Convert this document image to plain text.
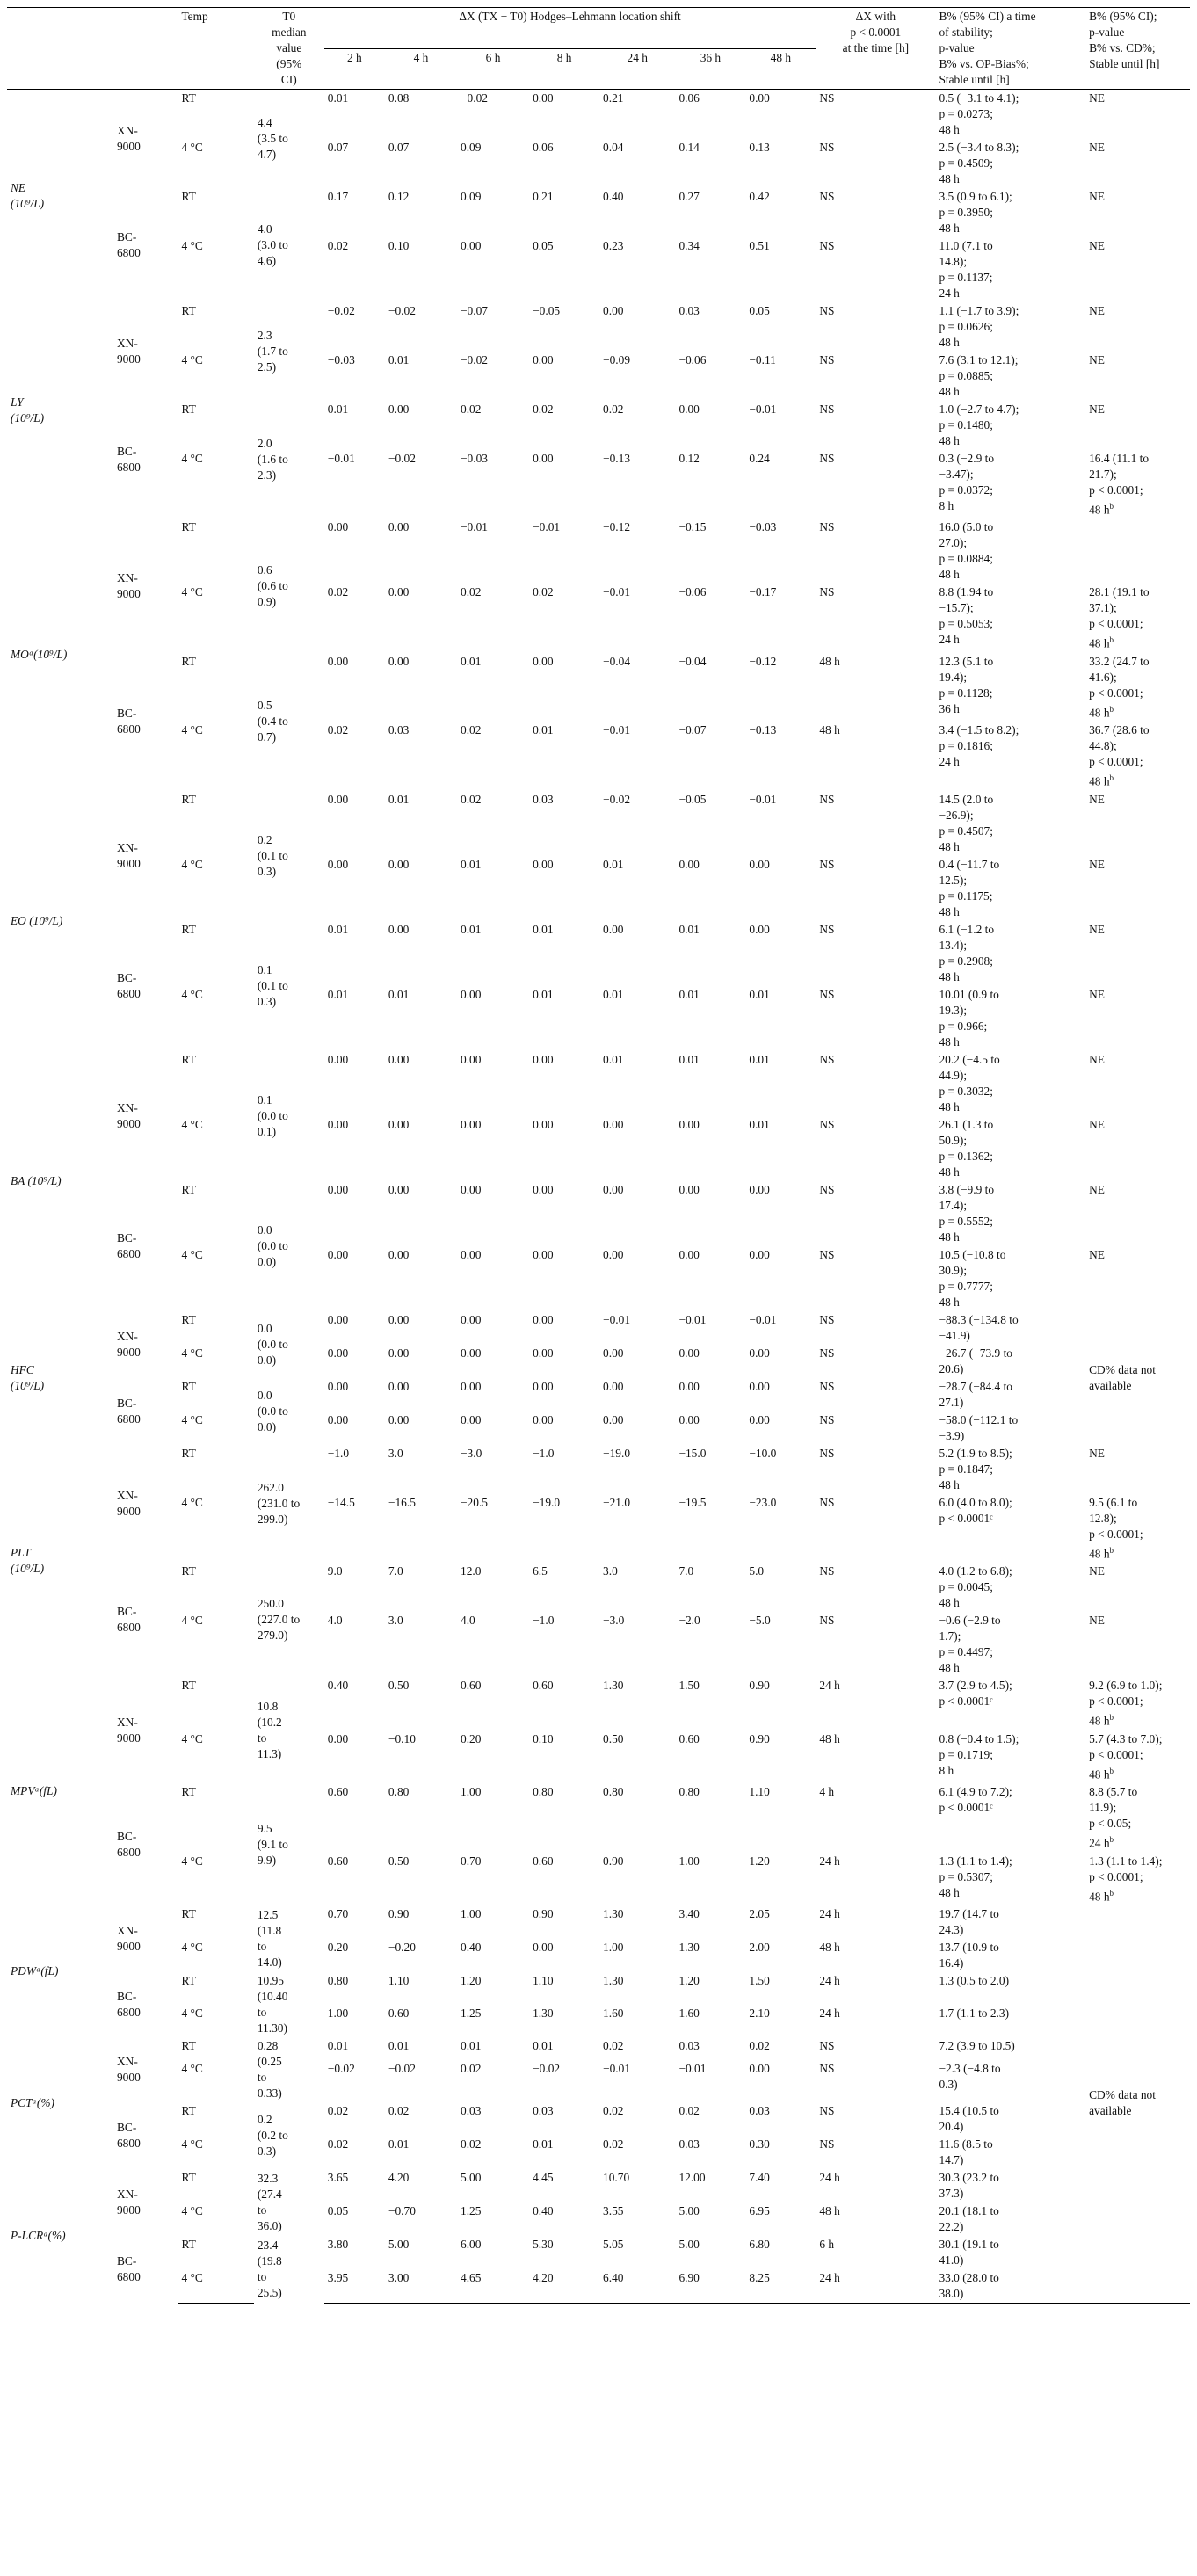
		Temp	T0
median
value
(95%
CI)	ΔX (TX − T0) Hodges–Lehmann location shift							ΔX with
p < 0.0001
at the time [h]	B% (95% CI) a time
of stability;
p-value
B% vs. OP-Bias%;
Stable until [h]	B% (95% CI);
p-value
B% vs. CD%;
Stable until [h]
				2 h	4 h	6 h	8 h	24 h	36 h	48 h			
NE
(10⁹/L)	XN-
9000	RT	4.4
(3.5 to
4.7)	0.01	0.08	−0.02	0.00	0.21	0.06	0.00	NS	0.5 (−3.1 to 4.1);
p = 0.0273;
48 h	NE
		4 °C		0.07	0.07	0.09	0.06	0.04	0.14	0.13	NS	2.5 (−3.4 to 8.3);
p = 0.4509;
48 h	NE
	BC-
6800	RT	4.0
(3.0 to
4.6)	0.17	0.12	0.09	0.21	0.40	0.27	0.42	NS	3.5 (0.9 to 6.1);
p = 0.3950;
48 h	NE
		4 °C		0.02	0.10	0.00	0.05	0.23	0.34	0.51	NS	11.0 (7.1 to
14.8);
p = 0.1137;
24 h	NE
LY
(10⁹/L)	XN-
9000	RT	2.3
(1.7 to
2.5)	−0.02	−0.02	−0.07	−0.05	0.00	0.03	0.05	NS	1.1 (−1.7 to 3.9);
p = 0.0626;
48 h	NE
		4 °C		−0.03	0.01	−0.02	0.00	−0.09	−0.06	−0.11	NS	7.6 (3.1 to 12.1);
p = 0.0885;
48 h	NE
	BC-
6800	RT	2.0
(1.6 to
2.3)	0.01	0.00	0.02	0.02	0.02	0.00	−0.01	NS	1.0 (−2.7 to 4.7);
p = 0.1480;
48 h	NE
		4 °C		−0.01	−0.02	−0.03	0.00	−0.13	0.12	0.24	NS	0.3 (−2.9 to
−3.47);
p = 0.0372;
8 h	16.4 (11.1 to
21.7);
p < 0.0001;
48 $h^b$
MOᵃ(10⁹/L)	XN-
9000	RT	0.6
(0.6 to
0.9)	0.00	0.00	−0.01	−0.01	−0.12	−0.15	−0.03	NS	16.0 (5.0 to
27.0);
p = 0.0884;
48 h	
		4 °C		0.02	0.00	0.02	0.02	−0.01	−0.06	−0.17	NS	8.8 (1.94 to
−15.7);
p = 0.5053;
24 h	28.1 (19.1 to
37.1);
p < 0.0001;
48 $h^b$
	BC-
6800	RT	0.5
(0.4 to
0.7)	0.00	0.00	0.01	0.00	−0.04	−0.04	−0.12	48 h	12.3 (5.1 to
19.4);
p = 0.1128;
36 h	33.2 (24.7 to
41.6);
p < 0.0001;
48 $h^b$
		4 °C		0.02	0.03	0.02	0.01	−0.01	−0.07	−0.13	48 h	3.4 (−1.5 to 8.2);
p = 0.1816;
24 h	36.7 (28.6 to
44.8);
p < 0.0001;
48 $h^b$
EO (10⁹/L)	XN-
9000	RT	0.2
(0.1 to
0.3)	0.00	0.01	0.02	0.03	−0.02	−0.05	−0.01	NS	14.5 (2.0 to
−26.9);
p = 0.4507;
48 h	NE
		4 °C		0.00	0.00	0.01	0.00	0.01	0.00	0.00	NS	0.4 (−11.7 to
12.5);
p = 0.1175;
48 h	NE
	BC-
6800	RT	0.1
(0.1 to
0.3)	0.01	0.00	0.01	0.01	0.00	0.01	0.00	NS	6.1 (−1.2 to
13.4);
p = 0.2908;
48 h	NE
		4 °C		0.01	0.01	0.00	0.01	0.01	0.01	0.01	NS	10.01 (0.9 to
19.3);
p = 0.966;
48 h	NE
BA (10⁹/L)	XN-
9000	RT	0.1
(0.0 to
0.1)	0.00	0.00	0.00	0.00	0.01	0.01	0.01	NS	20.2 (−4.5 to
44.9);
p = 0.3032;
48 h	NE
		4 °C		0.00	0.00	0.00	0.00	0.00	0.00	0.01	NS	26.1 (1.3 to
50.9);
p = 0.1362;
48 h	NE
	BC-
6800	RT	0.0
(0.0 to
0.0)	0.00	0.00	0.00	0.00	0.00	0.00	0.00	NS	3.8 (−9.9 to
17.4);
p = 0.5552;
48 h	NE
		4 °C		0.00	0.00	0.00	0.00	0.00	0.00	0.00	NS	10.5 (−10.8 to
30.9);
p = 0.7777;
48 h	NE
HFC
(10⁹/L)	XN-
9000	RT	0.0
(0.0 to
0.0)	0.00	0.00	0.00	0.00	−0.01	−0.01	−0.01	NS	−88.3 (−134.8 to
−41.9)	CD% data not
available
		4 °C		0.00	0.00	0.00	0.00	0.00	0.00	0.00	NS	−26.7 (−73.9 to
20.6)	
	BC-
6800	RT	0.0
(0.0 to
0.0)	0.00	0.00	0.00	0.00	0.00	0.00	0.00	NS	−28.7 (−84.4 to
27.1)	
		4 °C		0.00	0.00	0.00	0.00	0.00	0.00	0.00	NS	−58.0 (−112.1 to
−3.9)	
PLT
(10⁹/L)	XN-
9000	RT	262.0
(231.0 to
299.0)	−1.0	3.0	−3.0	−1.0	−19.0	−15.0	−10.0	NS	5.2 (1.9 to 8.5);
p = 0.1847;
48 h	NE
		4 °C		−14.5	−16.5	−20.5	−19.0	−21.0	−19.5	−23.0	NS	6.0 (4.0 to 8.0);
p < 0.0001ᶜ	9.5 (6.1 to
12.8);
p < 0.0001;
48 $h^b$
	BC-
6800	RT	250.0
(227.0 to
279.0)	9.0	7.0	12.0	6.5	3.0	7.0	5.0	NS	4.0 (1.2 to 6.8);
p = 0.0045;
48 h	NE
		4 °C		4.0	3.0	4.0	−1.0	−3.0	−2.0	−5.0	NS	−0.6 (−2.9 to
1.7);
p = 0.4497;
48 h	NE
MPVᵃ(fL)	XN-
9000	RT	10.8
(10.2
to
11.3)	0.40	0.50	0.60	0.60	1.30	1.50	0.90	24 h	3.7 (2.9 to 4.5);
p < 0.0001ᶜ	9.2 (6.9 to 1.0);
p < 0.0001;
48 $h^b$
		4 °C		0.00	−0.10	0.20	0.10	0.50	0.60	0.90	48 h	0.8 (−0.4 to 1.5);
p = 0.1719;
8 h	5.7 (4.3 to 7.0);
p < 0.0001;
48 $h^b$
	BC-
6800	RT	9.5
(9.1 to
9.9)	0.60	0.80	1.00	0.80	0.80	0.80	1.10	4 h	6.1 (4.9 to 7.2);
p < 0.0001ᶜ	8.8 (5.7 to
11.9);
p < 0.05;
24 $h^b$
		4 °C		0.60	0.50	0.70	0.60	0.90	1.00	1.20	24 h	1.3 (1.1 to 1.4);
p = 0.5307;
48 h	1.3 (1.1 to 1.4);
p < 0.0001;
48 $h^b$
PDWᵃ(fL)	XN-
9000	RT	12.5
(11.8
to
14.0)	0.70	0.90	1.00	0.90	1.30	3.40	2.05	24 h	19.7 (14.7 to
24.3)	
		4 °C		0.20	−0.20	0.40	0.00	1.00	1.30	2.00	48 h	13.7 (10.9 to
16.4)	
	BC-
6800	RT	10.95
(10.40
to
11.30)	0.80	1.10	1.20	1.10	1.30	1.20	1.50	24 h	1.3 (0.5 to 2.0)	
		4 °C		1.00	0.60	1.25	1.30	1.60	1.60	2.10	24 h	1.7 (1.1 to 2.3)	
PCTᵃ(%)	XN-
9000	RT	0.28
(0.25
to
0.33)	0.01	0.01	0.01	0.01	0.02	0.03	0.02	NS	7.2 (3.9 to 10.5)	CD% data not
available
		4 °C		−0.02	−0.02	0.02	−0.02	−0.01	−0.01	0.00	NS	−2.3 (−4.8 to
0.3)	
	BC-
6800	RT	0.2
(0.2 to
0.3)	0.02	0.02	0.03	0.03	0.02	0.02	0.03	NS	15.4 (10.5 to
20.4)	
		4 °C		0.02	0.01	0.02	0.01	0.02	0.03	0.30	NS	11.6 (8.5 to
14.7)	
P-LCRᵃ(%)	XN-
9000	RT	32.3
(27.4
to
36.0)	3.65	4.20	5.00	4.45	10.70	12.00	7.40	24 h	30.3 (23.2 to
37.3)	
		4 °C		0.05	−0.70	1.25	0.40	3.55	5.00	6.95	48 h	20.1 (18.1 to
22.2)	
	BC-
6800	RT	23.4
(19.8
to
25.5)	3.80	5.00	6.00	5.30	5.05	5.00	6.80	6 h	30.1 (19.1 to
41.0)	
		4 °C		3.95	3.00	4.65	4.20	6.40	6.90	8.25	24 h	33.0 (28.0 to
38.0)	
